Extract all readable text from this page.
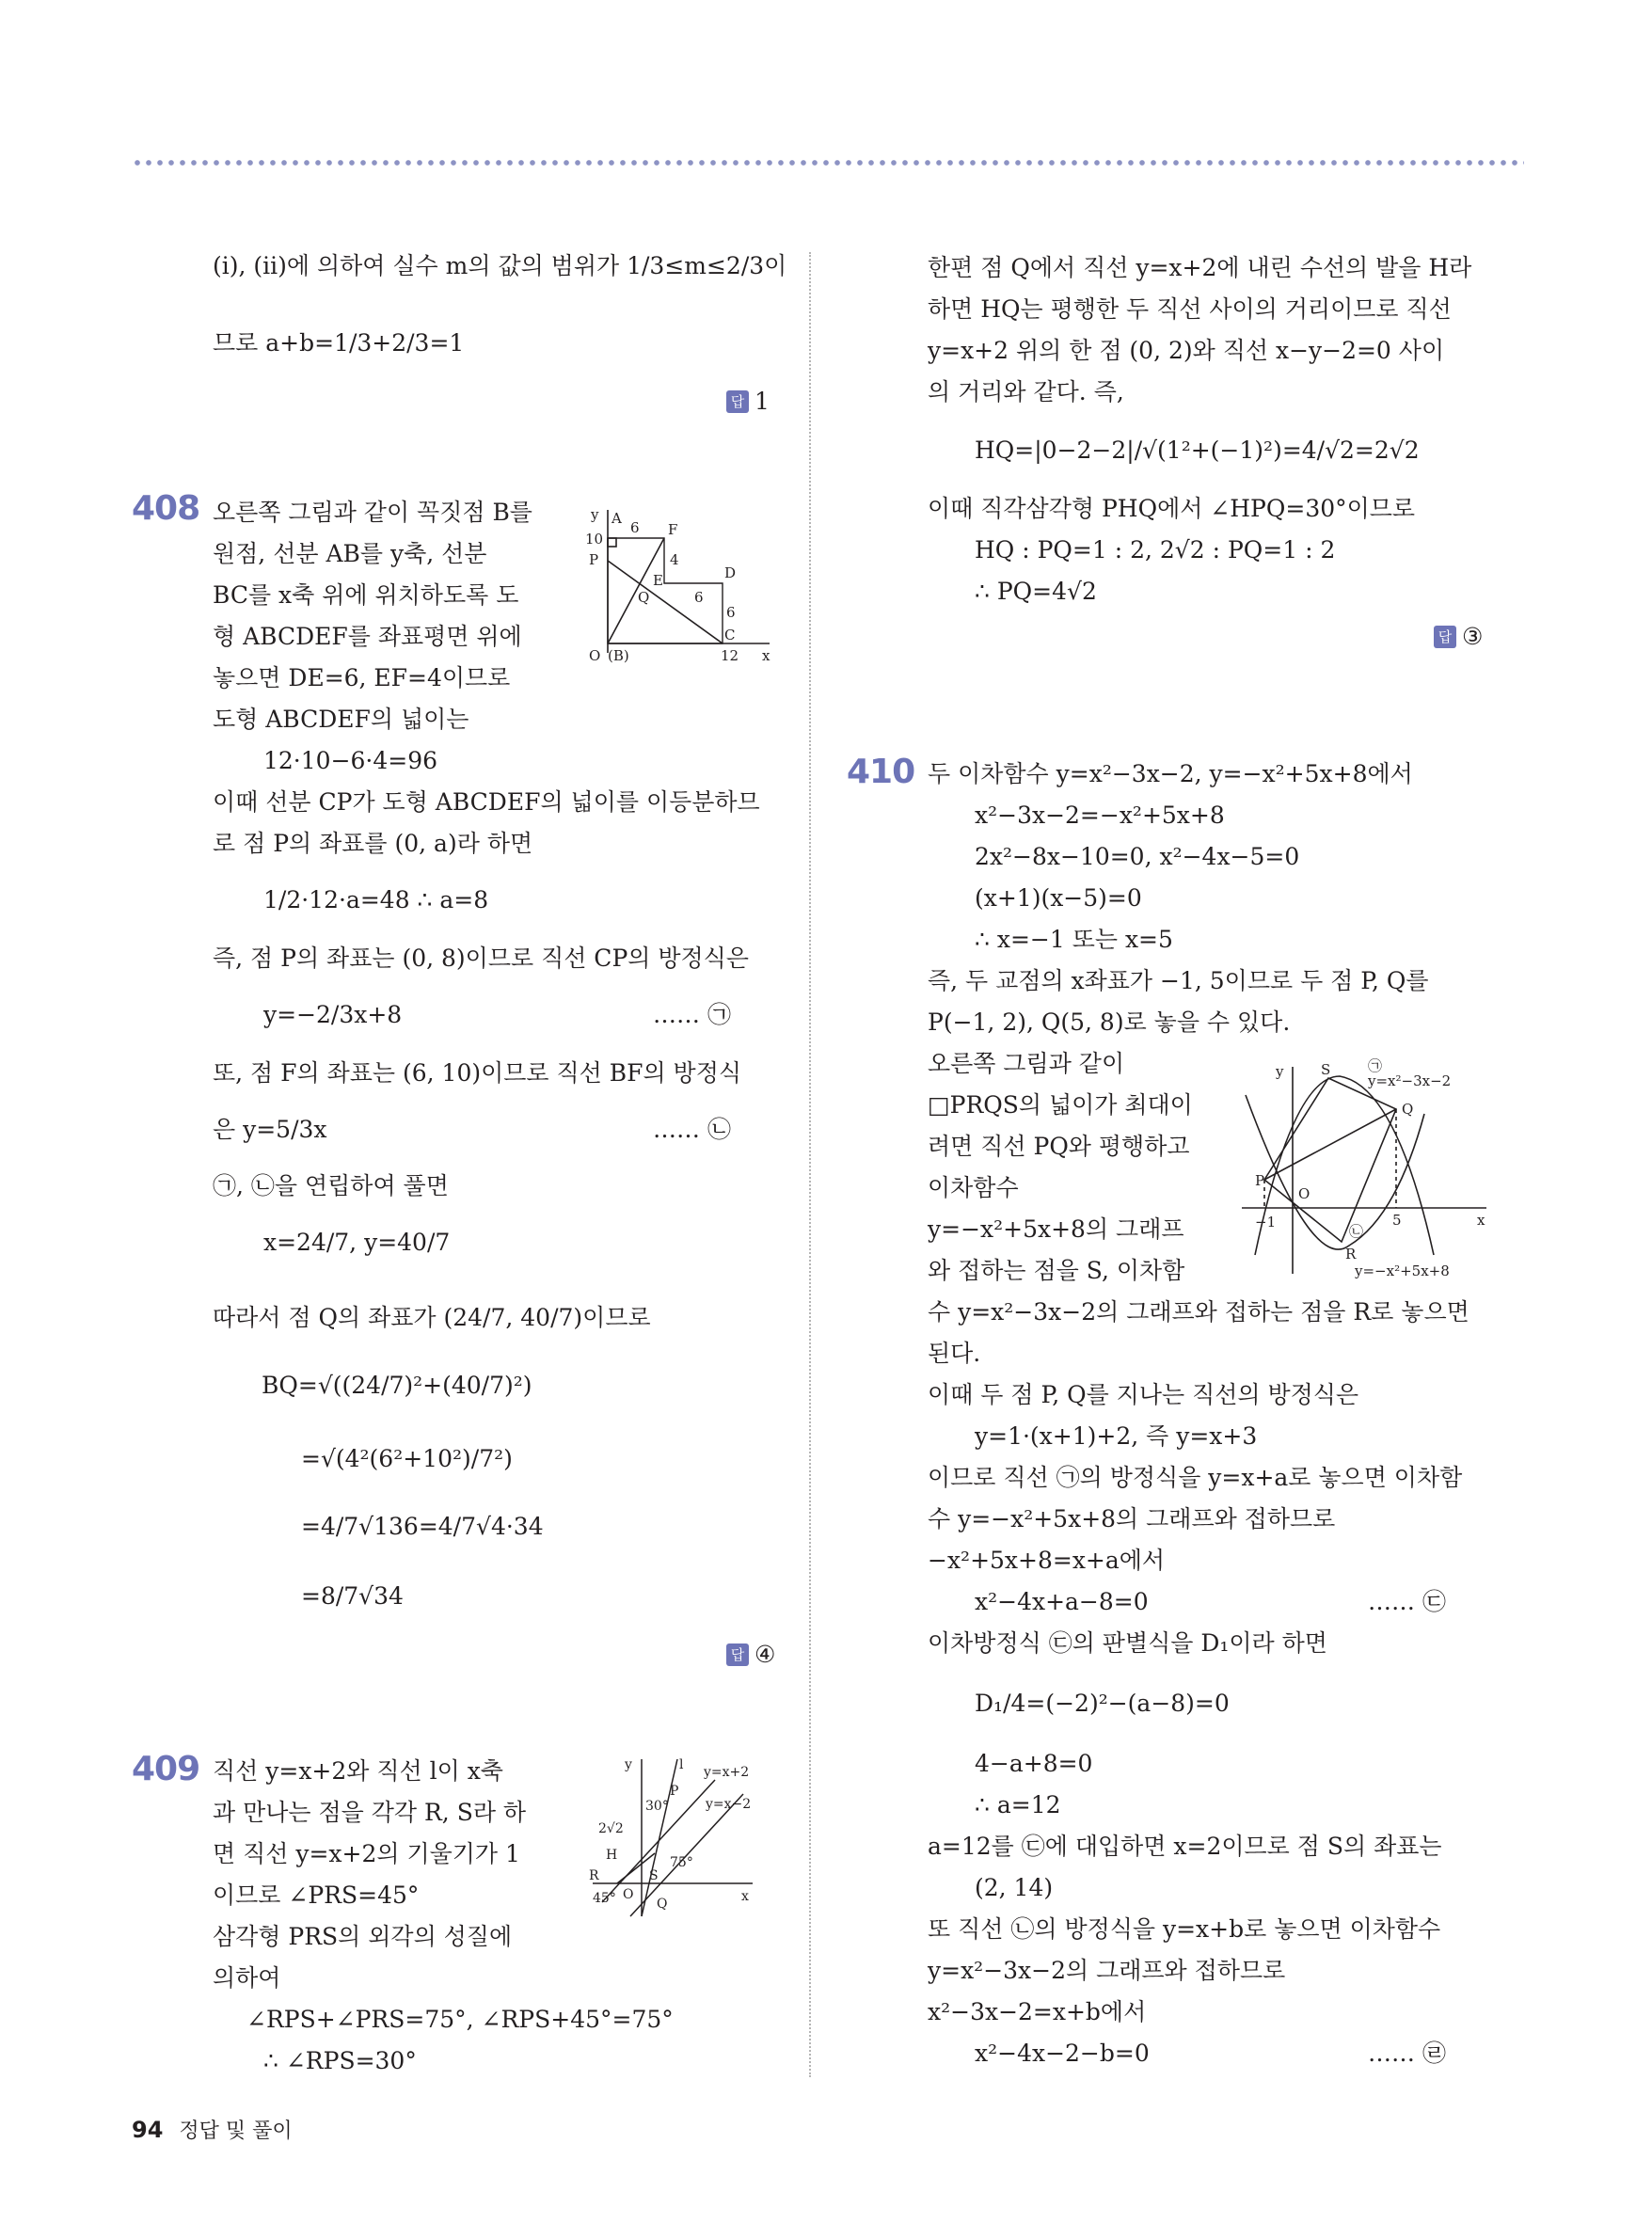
(ⅰ), (ⅱ)에 의하여 실수 m의 값의 범위가 1/3≤m≤2/3이
므로 a+b=1/3+2/3=1
답 1
408 오른쪽 그림과 같이 꼭짓점 B를
원점, 선분 AB를 y축, 선분
BC를 x축 위에 위치하도록 도
형 ABCDEF를 좌표평면 위에
놓으면 DE=6, EF=4이므로
도형 ABCDEF의 넓이는
12·10−6·4=96
이때 선분 CP가 도형 ABCDEF의 넓이를 이등분하므
로 점 P의 좌표를 (0, a)라 하면
1/2·12·a=48 ∴ a=8
즉, 점 P의 좌표는 (0, 8)이므로 직선 CP의 방정식은
y=−2/3x+8	…… ㉠
또, 점 F의 좌표는 (6, 10)이므로 직선 BF의 방정식
은 y=5/3x	…… ㉡
㉠, ㉡을 연립하여 풀면
x=24/7, y=40/7
따라서 점 Q의 좌표가 (24/7, 40/7)이므로
BQ=√((24/7)²+(40/7)²)
=√(4²(6²+10²)/7²)
=4/7√136=4/7√4·34
=8/7√34
답 ④
y A
6 F
10
P	4
D
E
6
Q
6
C
O (B)	12 x
409 직선 y=x+2와 직선 l이 x축
과 만나는 점을 각각 R, S라 하
면 직선 y=x+2의 기울기가 1
이므로 ∠PRS=45°
삼각형 PRS의 외각의 성질에
의하여
∠RPS+∠PRS=75°, ∠RPS+45°=75°
∴ ∠RPS=30°
y	l y=x+2
P
y=x−2
30°
2√2
H	75°
R	S
x
45° O
Q
한편 점 Q에서 직선 y=x+2에 내린 수선의 발을 H라
하면 HQ는 평행한 두 직선 사이의 거리이므로 직선
y=x+2 위의 한 점 (0, 2)와 직선 x−y−2=0 사이
의 거리와 같다. 즉,
HQ=|0−2−2|/√(1²+(−1)²)=4/√2=2√2
이때 직각삼각형 PHQ에서 ∠HPQ=30°이므로
HQ : PQ=1 : 2, 2√2 : PQ=1 : 2
∴ PQ=4√2
답 ③
410 두 이차함수 y=x²−3x−2, y=−x²+5x+8에서
x²−3x−2=−x²+5x+8
2x²−8x−10=0, x²−4x−5=0
(x+1)(x−5)=0
∴ x=−1 또는 x=5
즉, 두 교점의 x좌표가 −1, 5이므로 두 점 P, Q를
P(−1, 2), Q(5, 8)로 놓을 수 있다.
오른쪽 그림과 같이
□PRQS의 넓이가 최대이
려면 직선 PQ와 평행하고
이차함수
y=−x²+5x+8의 그래프
와 접하는 점을 S, 이차함
수 y=x²−3x−2의 그래프와 접하는 점을 R로 놓으면
된다.
이때 두 점 P, Q를 지나는 직선의 방정식은
y=1·(x+1)+2, 즉 y=x+3
이므로 직선 ㉠의 방정식을 y=x+a로 놓으면 이차함
수 y=−x²+5x+8의 그래프와 접하므로
−x²+5x+8=x+a에서
x²−4x+a−8=0	…… ㉢
이차방정식 ㉢의 판별식을 D₁이라 하면
D₁/4=(−2)²−(a−8)=0
4−a+8=0
∴ a=12
a=12를 ㉢에 대입하면 x=2이므로 점 S의 좌표는
(2, 14)
또 직선 ㉡의 방정식을 y=x+b로 놓으면 이차함수
y=x²−3x−2의 그래프와 접하므로
x²−3x−2=x+b에서
x²−4x−2−b=0	…… ㉣
y	S	㉠
y=x²−3x−2
Q
P
O
−1	5	x
㉡
R
y=−x²+5x+8
94 정답 및 풀이
